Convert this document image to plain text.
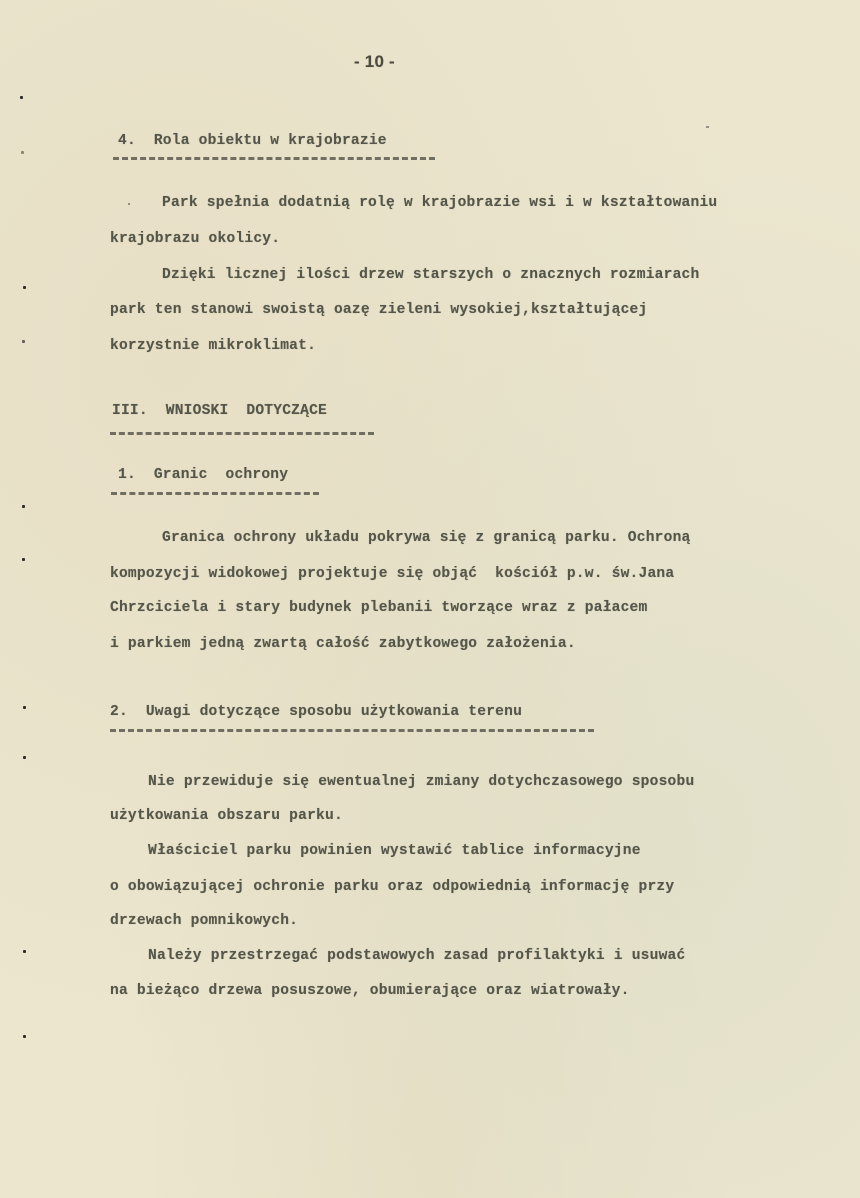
- 10 -
4.  Rola obiektu w krajobrazie
Park spełnia dodatnią rolę w krajobrazie wsi i w kształtowaniu
krajobrazu okolicy.
Dzięki licznej ilości drzew starszych o znacznych rozmiarach
park ten stanowi swoistą oazę zieleni wysokiej,kształtującej
korzystnie mikroklimat.
III.  WNIOSKI  DOTYCZĄCE
1.  Granic  ochrony
Granica ochrony układu pokrywa się z granicą parku. Ochroną
kompozycji widokowej projektuje się objąć  kościół p.w. św.Jana
Chrzciciela i stary budynek plebanii tworzące wraz z pałacem
i parkiem jedną zwartą całość zabytkowego założenia.
2.  Uwagi dotyczące sposobu użytkowania terenu
Nie przewiduje się ewentualnej zmiany dotychczasowego sposobu
użytkowania obszaru parku.
Właściciel parku powinien wystawić tablice informacyjne
o obowiązującej ochronie parku oraz odpowiednią informację przy
drzewach pomnikowych.
Należy przestrzegać podstawowych zasad profilaktyki i usuwać
na bieżąco drzewa posuszowe, obumierające oraz wiatrowały.
